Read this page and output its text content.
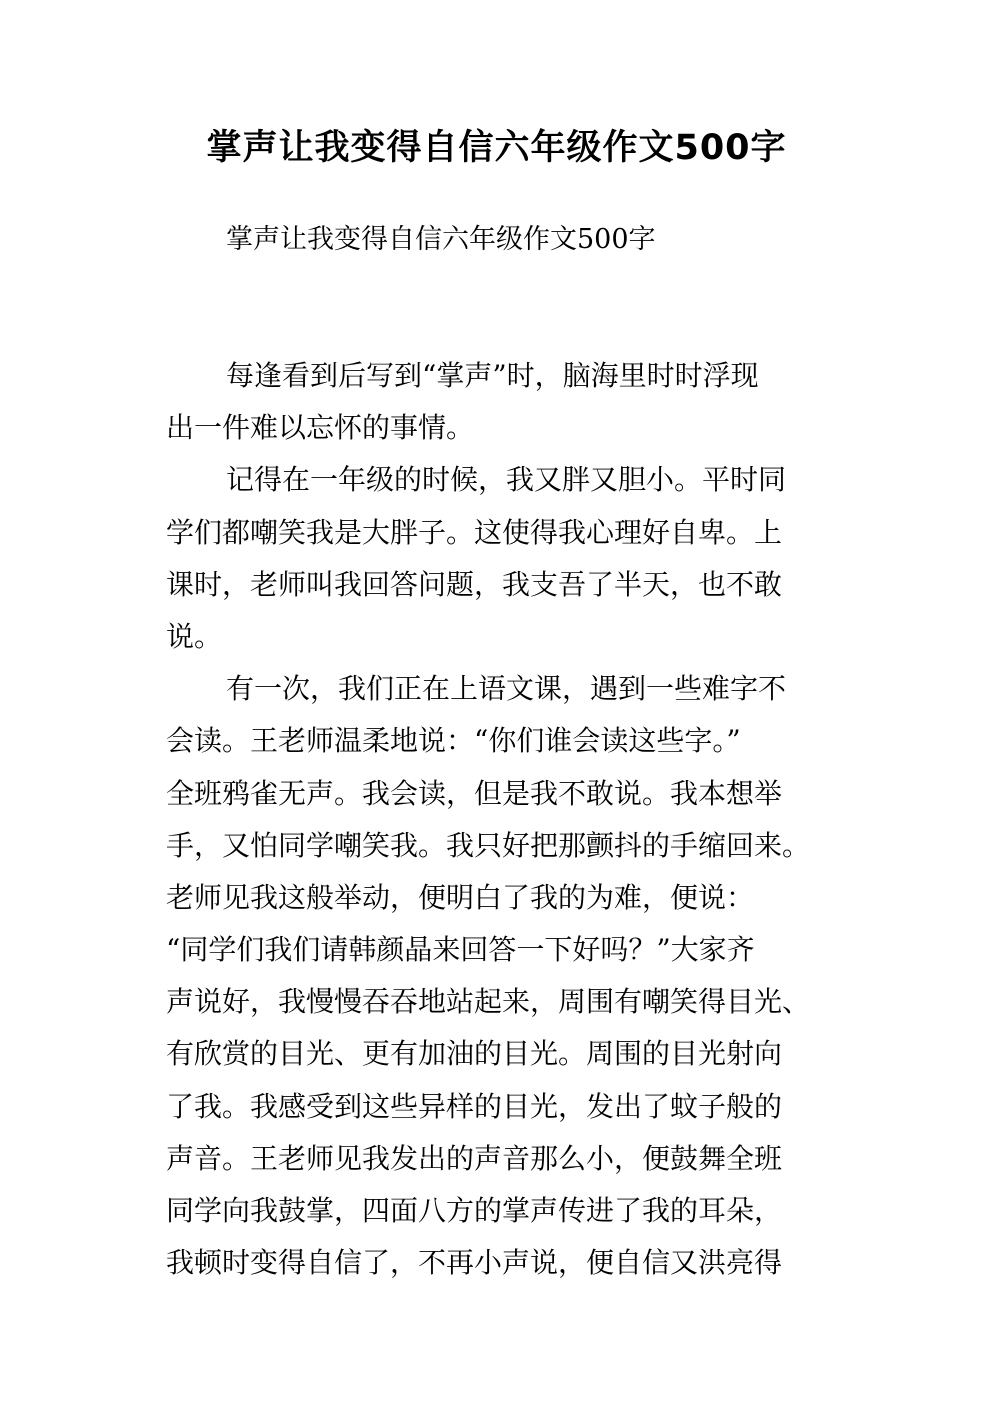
掌声让我变得自信六年级作文500字

掌声让我变得自信六年级作文500字

每逢看到后写到“掌声”时，脑海里时时浮现
出一件难以忘怀的事情。
记得在一年级的时候，我又胖又胆小。平时同
学们都嘲笑我是大胖子。这使得我心理好自卑。上
课时，老师叫我回答问题，我支吾了半天，也不敢
说。
有一次，我们正在上语文课，遇到一些难字不
会读。王老师温柔地说：“你们谁会读这些字。”
全班鸦雀无声。我会读，但是我不敢说。我本想举
手，又怕同学嘲笑我。我只好把那颤抖的手缩回来。
老师见我这般举动，便明白了我的为难，便说：
“同学们我们请韩颜晶来回答一下好吗？”大家齐
声说好，我慢慢吞吞地站起来，周围有嘲笑得目光、
有欣赏的目光、更有加油的目光。周围的目光射向
了我。我感受到这些异样的目光，发出了蚊子般的
声音。王老师见我发出的声音那么小，便鼓舞全班
同学向我鼓掌，四面八方的掌声传进了我的耳朵，
我顿时变得自信了，不再小声说，便自信又洪亮得
